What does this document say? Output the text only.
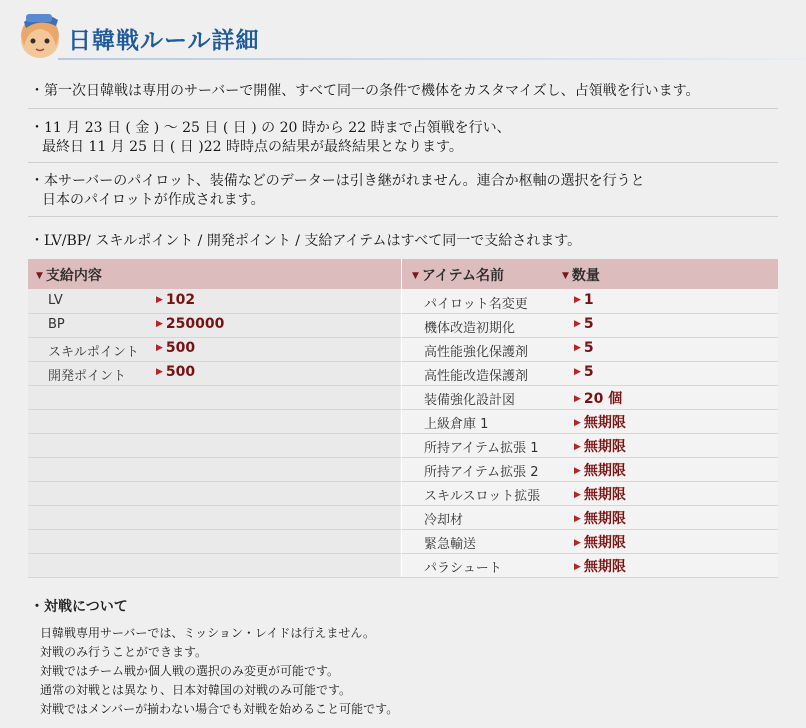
日韓戦ルール詳細
・第一次日韓戦は専用のサーバーで開催、すべて同一の条件で機体をカスタマイズし、占領戦を行います。
・11 月 23 日 ( 金 ) ～ 25 日 ( 日 ) の 20 時から 22 時まで占領戦を行い、
最終日 11 月 25 日 ( 日 )22 時時点の結果が最終結果となります。
・本サーバーのパイロット、装備などのデーターは引き継がれません。連合か枢軸の選択を行うと
日本のパイロットが作成されます。
・LV/BP/ スキルポイント / 開発ポイント / 支給アイテムはすべて同一で支給されます。
▼ 支給内容	▼ アイテム名前	▼ 数量
LV	▶ 102
BP	▶ 250000
スキルポイント ▶ 500
開発ポイント	▶ 500
パイロット名変更	▶ 1
機体改造初期化	▶ 5
高性能強化保護剤	▶ 5
高性能改造保護剤	▶ 5
装備強化設計図	▶ 20 個
上級倉庫 1	▶ 無期限
所持アイテム拡張 1	▶ 無期限
所持アイテム拡張 2	▶ 無期限
スキルスロット拡張	▶ 無期限
冷却材	▶ 無期限
緊急輸送	▶ 無期限
パラシュート	▶ 無期限
・対戦について
日韓戦専用サーバーでは、ミッション・レイドは行えません。
対戦のみ行うことができます。
対戦ではチーム戦か個人戦の選択のみ変更が可能です。
通常の対戦とは異なり、日本対韓国の対戦のみ可能です。
対戦ではメンバーが揃わない場合でも対戦を始めること可能です。
